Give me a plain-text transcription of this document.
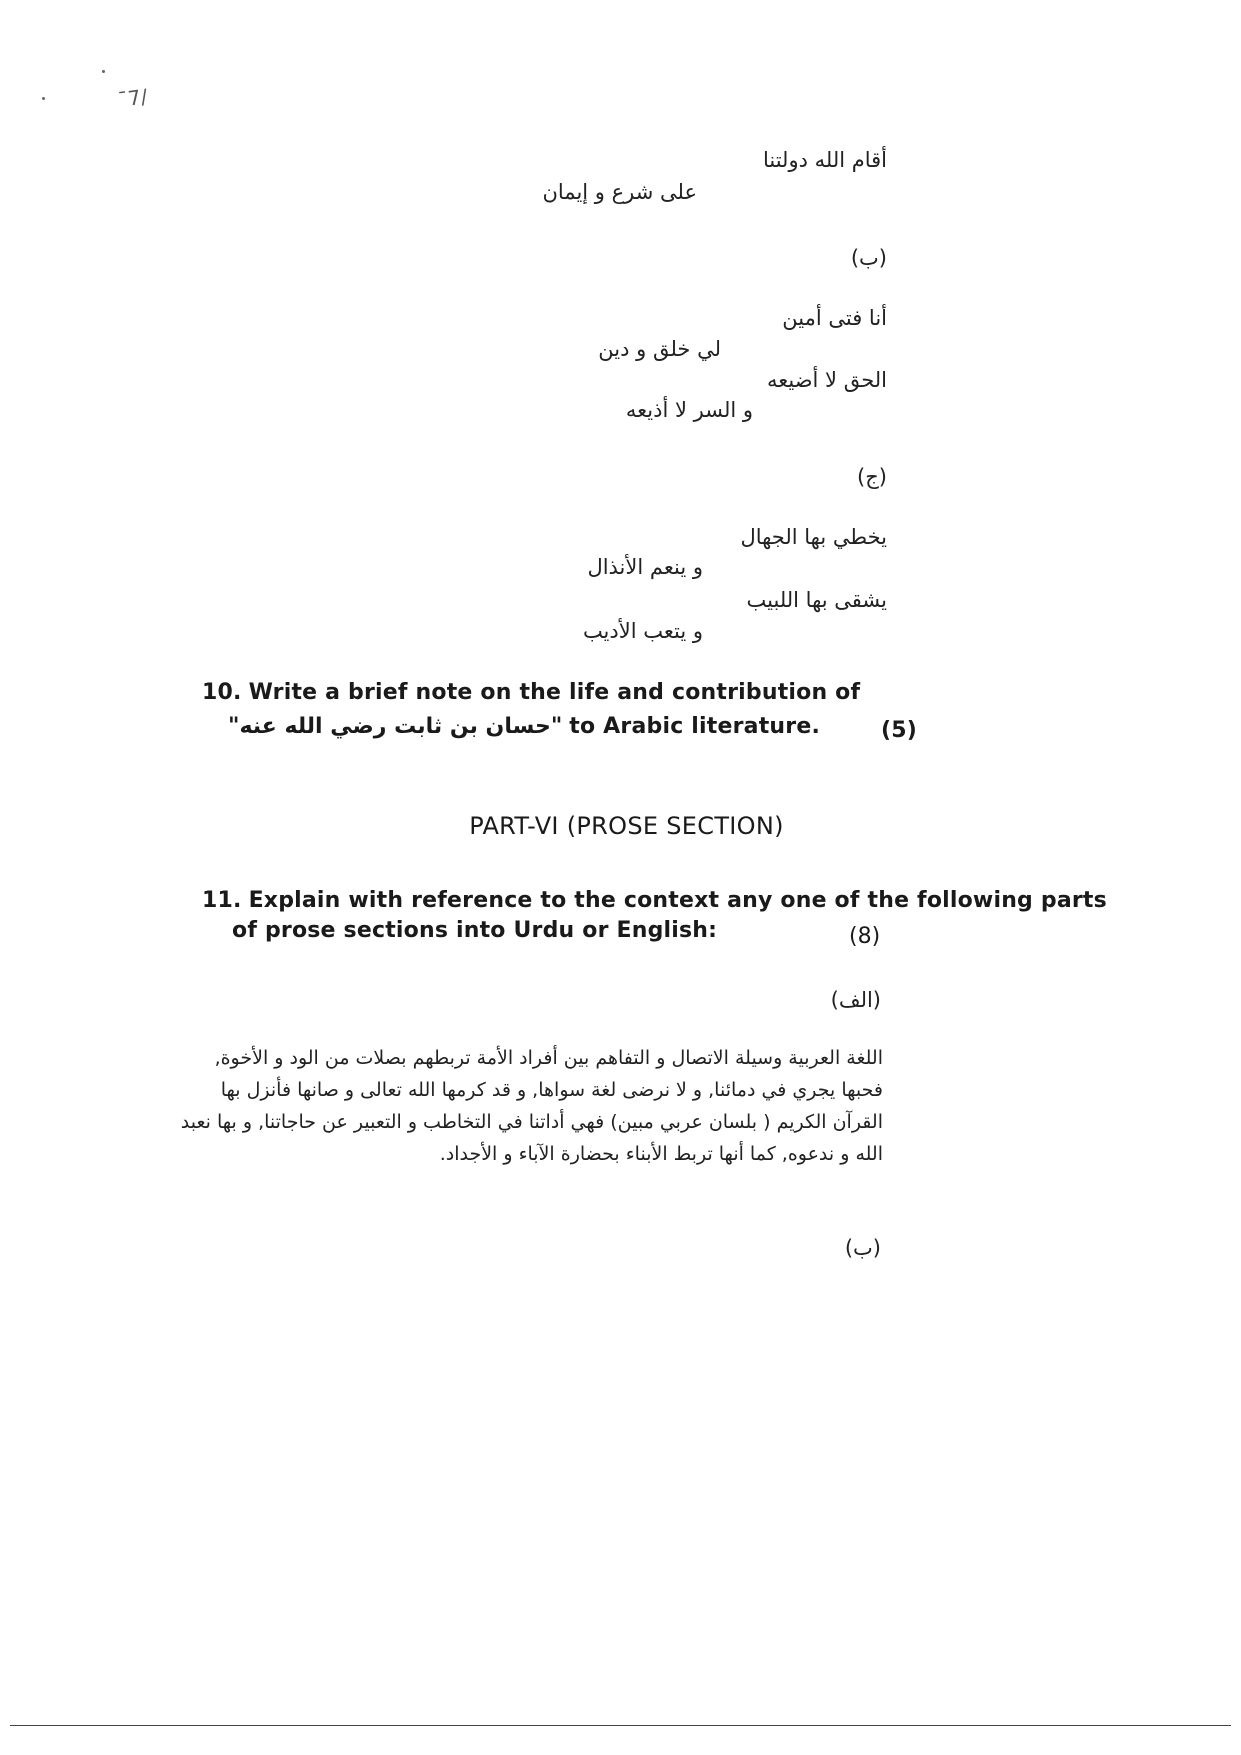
ˉ7/
أقام الله دولتنا
على شرع و إيمان
(ب)
أنا فتى أمين
لي خلق و دين
الحق لا أضيعه
و السر لا أذيعه
(ج)
يخطي بها الجهال
و ينعم الأنذال
يشقى بها اللبيب
و يتعب الأديب
10. Write a brief note on the life and contribution of
"حسان بن ثابت رضي الله عنه" to Arabic literature.	(5)
PART-VI (PROSE SECTION)
11. Explain with reference to the context any one of the following parts
of prose sections into Urdu or English:	(8)
(الف)
اللغة العربية وسيلة الاتصال و التفاهم بين أفراد الأمة تربطهم بصلات من الود و الأخوة,
فحبها يجري في دمائنا, و لا نرضى لغة سواها, و قد كرمها الله تعالى و صانها فأنزل بها
القرآن الكريم ( بلسان عربي مبين) فهي أداتنا في التخاطب و التعبير عن حاجاتنا, و بها نعبد
الله و ندعوه, كما أنها تربط الأبناء بحضارة الآباء و الأجداد.
(ب)
